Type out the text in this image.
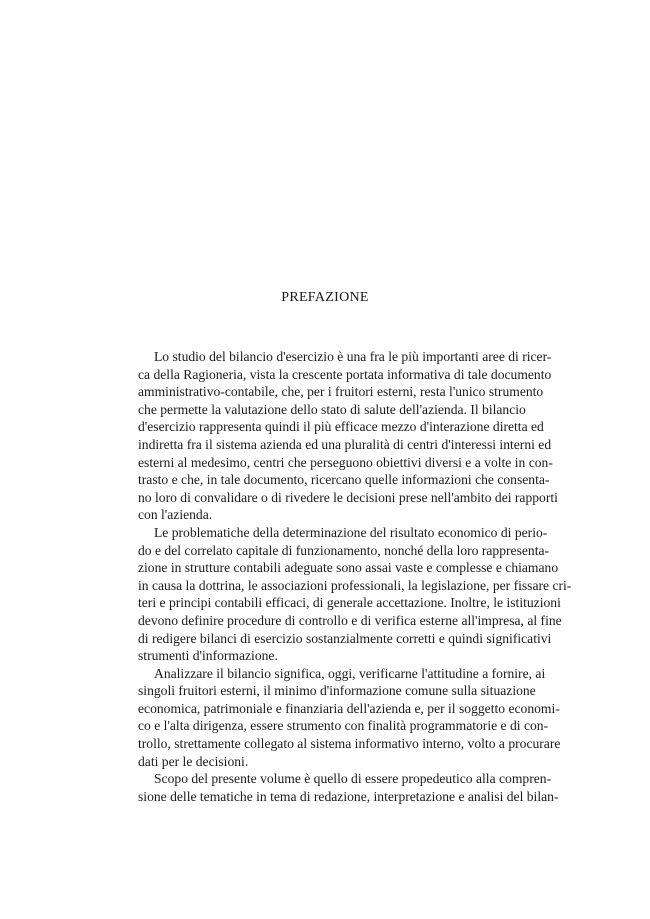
PREFAZIONE
Lo studio del bilancio d'esercizio è una fra le più importanti aree di ricer-
ca della Ragioneria, vista la crescente portata informativa di tale documento
amministrativo-contabile, che, per i fruitori esterni, resta l'unico strumento
che permette la valutazione dello stato di salute dell'azienda. Il bilancio
d'esercizio rappresenta quindi il più efficace mezzo d'interazione diretta ed
indiretta fra il sistema azienda ed una pluralità di centri d'interessi interni ed
esterni al medesimo, centri che perseguono obiettivi diversi e a volte in con-
trasto e che, in tale documento, ricercano quelle informazioni che consenta-
no loro di convalidare o di rivedere le decisioni prese nell'ambito dei rapporti
con l'azienda.
Le problematiche della determinazione del risultato economico di perio-
do e del correlato capitale di funzionamento, nonché della loro rappresenta-
zione in strutture contabili adeguate sono assai vaste e complesse e chiamano
in causa la dottrina, le associazioni professionali, la legislazione, per fissare cri-
teri e principi contabili efficaci, di generale accettazione. Inoltre, le istituzioni
devono definire procedure di controllo e di verifica esterne all'impresa, al fine
di redigere bilanci di esercizio sostanzialmente corretti e quindi significativi
strumenti d'informazione.
Analizzare il bilancio significa, oggi, verificarne l'attitudine a fornire, ai
singoli fruitori esterni, il minimo d'informazione comune sulla situazione
economica, patrimoniale e finanziaria dell'azienda e, per il soggetto economi-
co e l'alta dirigenza, essere strumento con finalità programmatorie e di con-
trollo, strettamente collegato al sistema informativo interno, volto a procurare
dati per le decisioni.
Scopo del presente volume è quello di essere propedeutico alla compren-
sione delle tematiche in tema di redazione, interpretazione e analisi del bilan-
